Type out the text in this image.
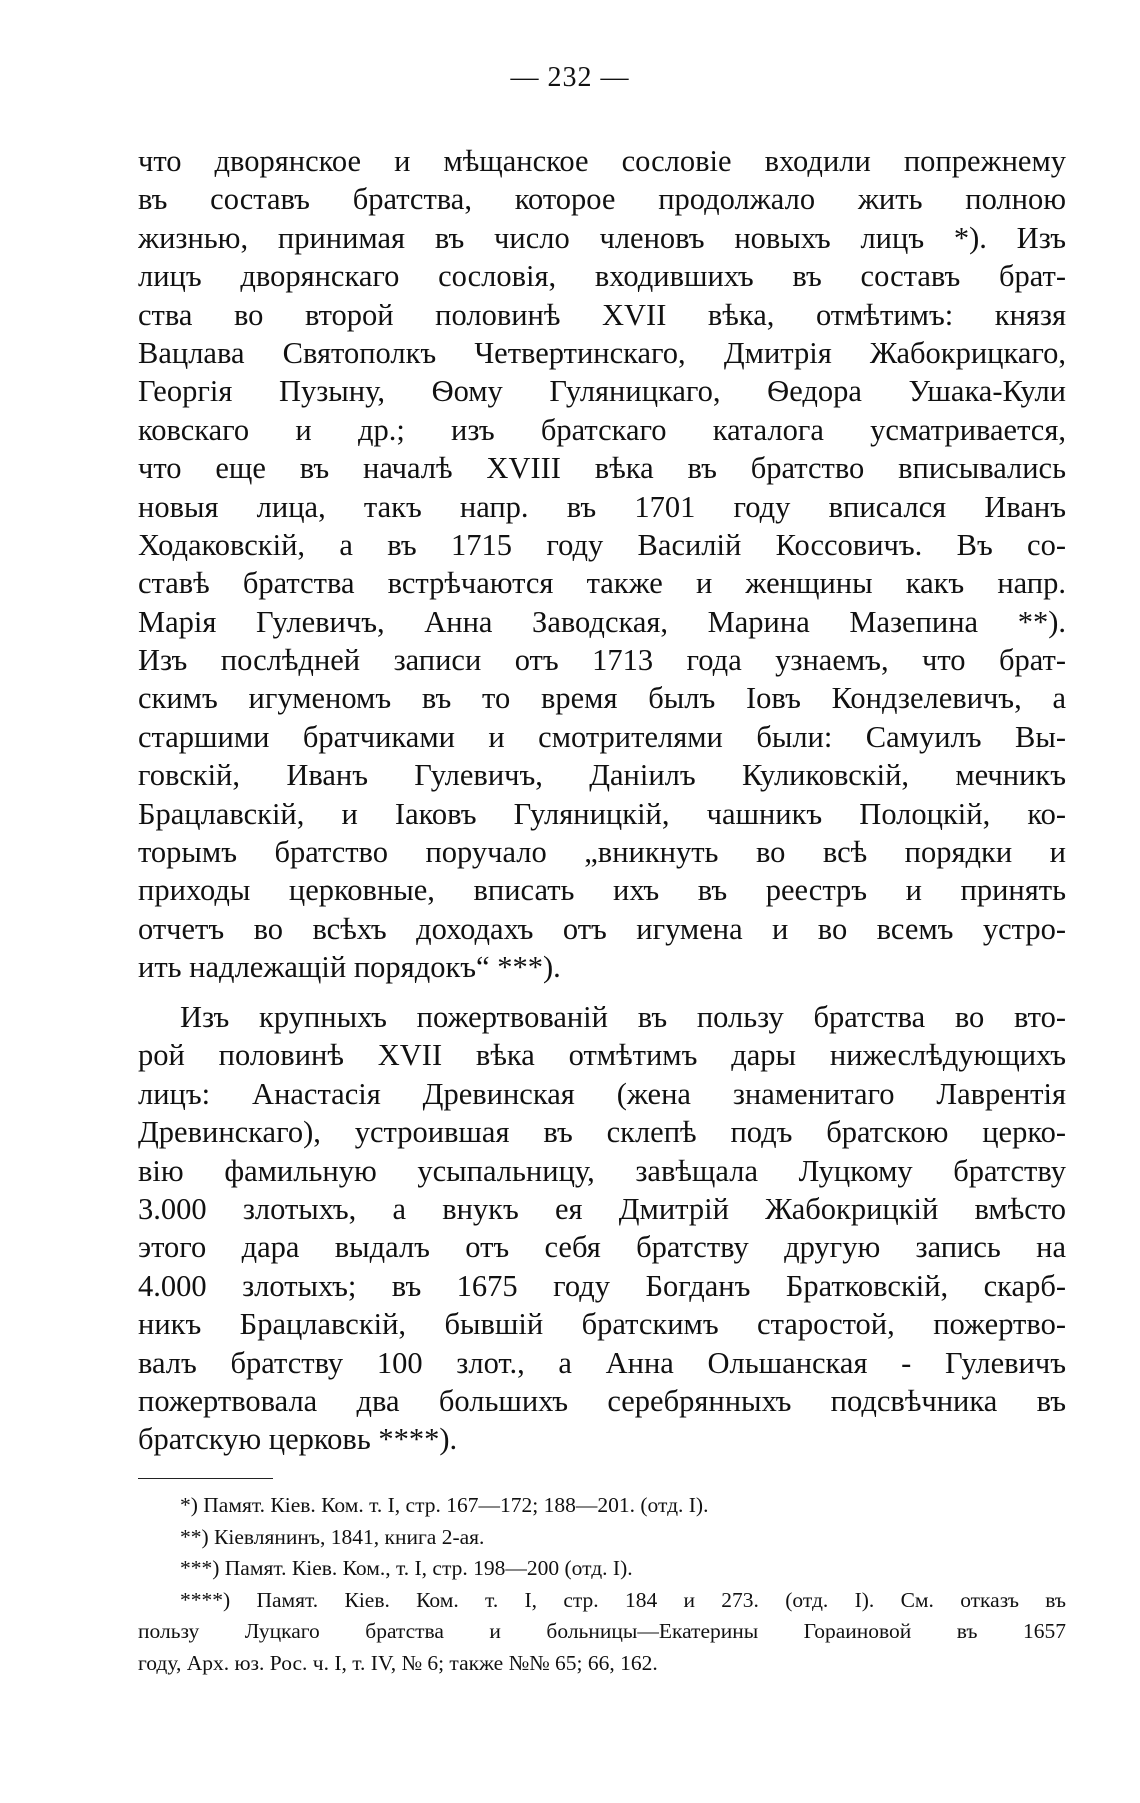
— 232 —
что дворянское и мѣщанское сословіе входили попрежнему
въ составъ братства, которое продолжало жить полною
жизнью, принимая въ число членовъ новыхъ лицъ *). Изъ
лицъ дворянскаго сословія, входившихъ въ составъ брат-
ства во второй половинѣ XVII вѣка, отмѣтимъ: князя
Вацлава Святополкъ Четвертинскаго, Дмитрія Жабокрицкаго,
Георгія Пузыну, Ѳому Гуляницкаго, Ѳедора Ушака-Кули
ковскаго и др.; изъ братскаго каталога усматривается,
что еще въ началѣ XVIII вѣка въ братство вписывались
новыя лица, такъ напр. въ 1701 году вписался Иванъ
Ходаковскій, а въ 1715 году Василій Коссовичъ. Въ со-
ставѣ братства встрѣчаются также и женщины какъ напр.
Марія Гулевичъ, Анна Заводская, Марина Мазепина **).
Изъ послѣдней записи отъ 1713 года узнаемъ, что брат-
скимъ игуменомъ въ то время былъ Іовъ Кондзелевичъ, а
старшими братчиками и смотрителями были: Самуилъ Вы-
говскій, Иванъ Гулевичъ, Даніилъ Куликовскій, мечникъ
Брацлавскій, и Іаковъ Гуляницкій, чашникъ Полоцкій, ко-
торымъ братство поручало „вникнуть во всѣ порядки и
приходы церковные, вписать ихъ въ реестръ и принять
отчетъ во всѣхъ доходахъ отъ игумена и во всемъ устро-
ить надлежащій порядокъ“ ***).
Изъ крупныхъ пожертвованій въ пользу братства во вто-
рой половинѣ XVII вѣка отмѣтимъ дары нижеслѣдующихъ
лицъ: Анастасія Древинская (жена знаменитаго Лаврентія
Древинскаго), устроившая въ склепѣ подъ братскою церко-
вію фамильную усыпальницу, завѣщала Луцкому братству
3.000 злотыхъ, а внукъ ея Дмитрій Жабокрицкій вмѣсто
этого дара выдалъ отъ себя братству другую запись на
4.000 злотыхъ; въ 1675 году Богданъ Братковскій, скарб-
никъ Брацлавскій, бывшій братскимъ старостой, пожертво-
валъ братству 100 злот., а Анна Ольшанская - Гулевичъ
пожертвовала два большихъ серебрянныхъ подсвѣчника въ
братскую церковь ****).
*) Памят. Кіев. Ком. т. I, стр. 167—172; 188—201. (отд. I).
**) Кіевлянинъ, 1841, книга 2-ая.
***) Памят. Кіев. Ком., т. I, стр. 198—200 (отд. I).
****) Памят. Кіев. Ком. т. I, стр. 184 и 273. (отд. I). См. отказъ въ
пользу Луцкаго братства и больницы—Екатерины Гораиновой въ 1657
году, Арх. юз. Рос. ч. I, т. IV, № 6; также №№ 65; 66, 162.
